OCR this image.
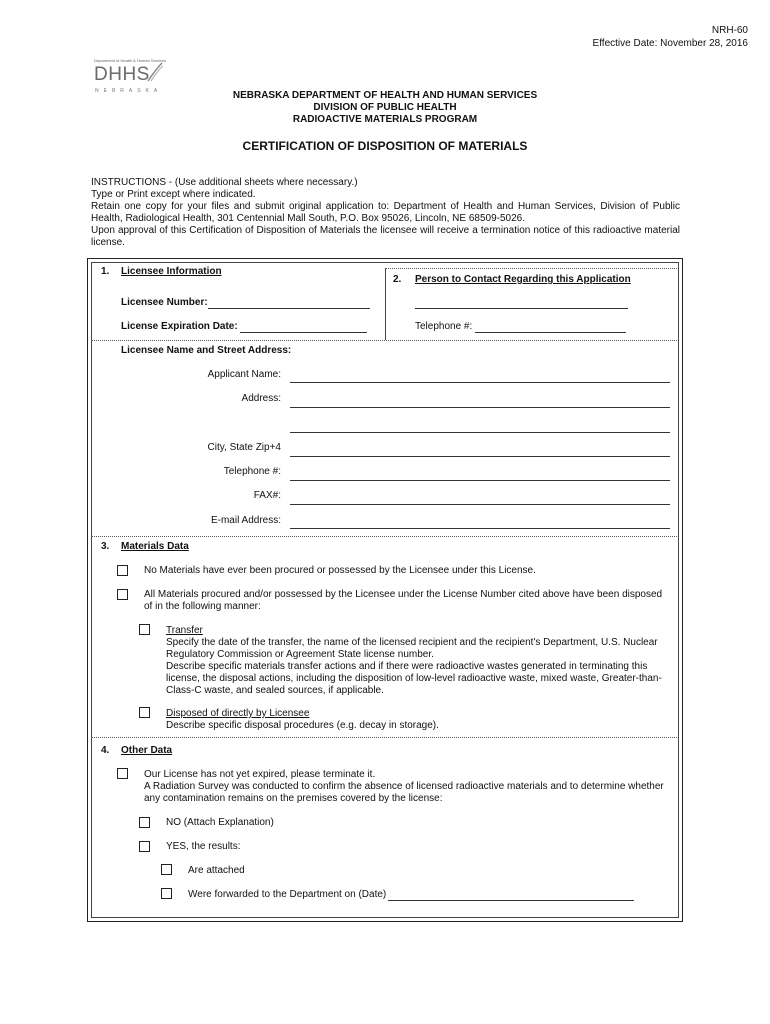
NRH-60
Effective Date: November 28, 2016
Department of Health & Human Services
DHHS
NEBRASKA	NEBRASKA DEPARTMENT OF HEALTH AND HUMAN SERVICES
DIVISION OF PUBLIC HEALTH
RADIOACTIVE MATERIALS PROGRAM
CERTIFICATION OF DISPOSITION OF MATERIALS
INSTRUCTIONS - (Use additional sheets where necessary.)
Type or Print except where indicated.
Retain one copy for your files and submit original application to: Department of Health and Human Services, Division of Public Health, Radiological Health, 301 Centennial Mall South, P.O. Box 95026, Lincoln, NE 68509-5026.
Upon approval of this Certification of Disposition of Materials the licensee will receive a termination notice of this radioactive material license.
1. Licensee Information
2. Person to Contact Regarding this Application
Licensee Number:
License Expiration Date:	Telephone #:
Licensee Name and Street Address:
Applicant Name:
Address:
City, State Zip+4
Telephone #:
FAX#:
E-mail Address:
3. Materials Data
No Materials have ever been procured or possessed by the Licensee under this License.
All Materials procured and/or possessed by the Licensee under the License Number cited above have been disposed of in the following manner:
Transfer
Specify the date of the transfer, the name of the licensed recipient and the recipient's Department, U.S. Nuclear Regulatory Commission or Agreement State license number.
Describe specific materials transfer actions and if there were radioactive wastes generated in terminating this license, the disposal actions, including the disposition of low-level radioactive waste, mixed waste, Greater-than-Class-C waste, and sealed sources, if applicable.
Disposed of directly by Licensee
Describe specific disposal procedures (e.g. decay in storage).
4. Other Data
Our License has not yet expired, please terminate it.
A Radiation Survey was conducted to confirm the absence of licensed radioactive materials and to determine whether any contamination remains on the premises covered by the license:
NO (Attach Explanation)
YES, the results:
Are attached
Were forwarded to the Department on (Date)
